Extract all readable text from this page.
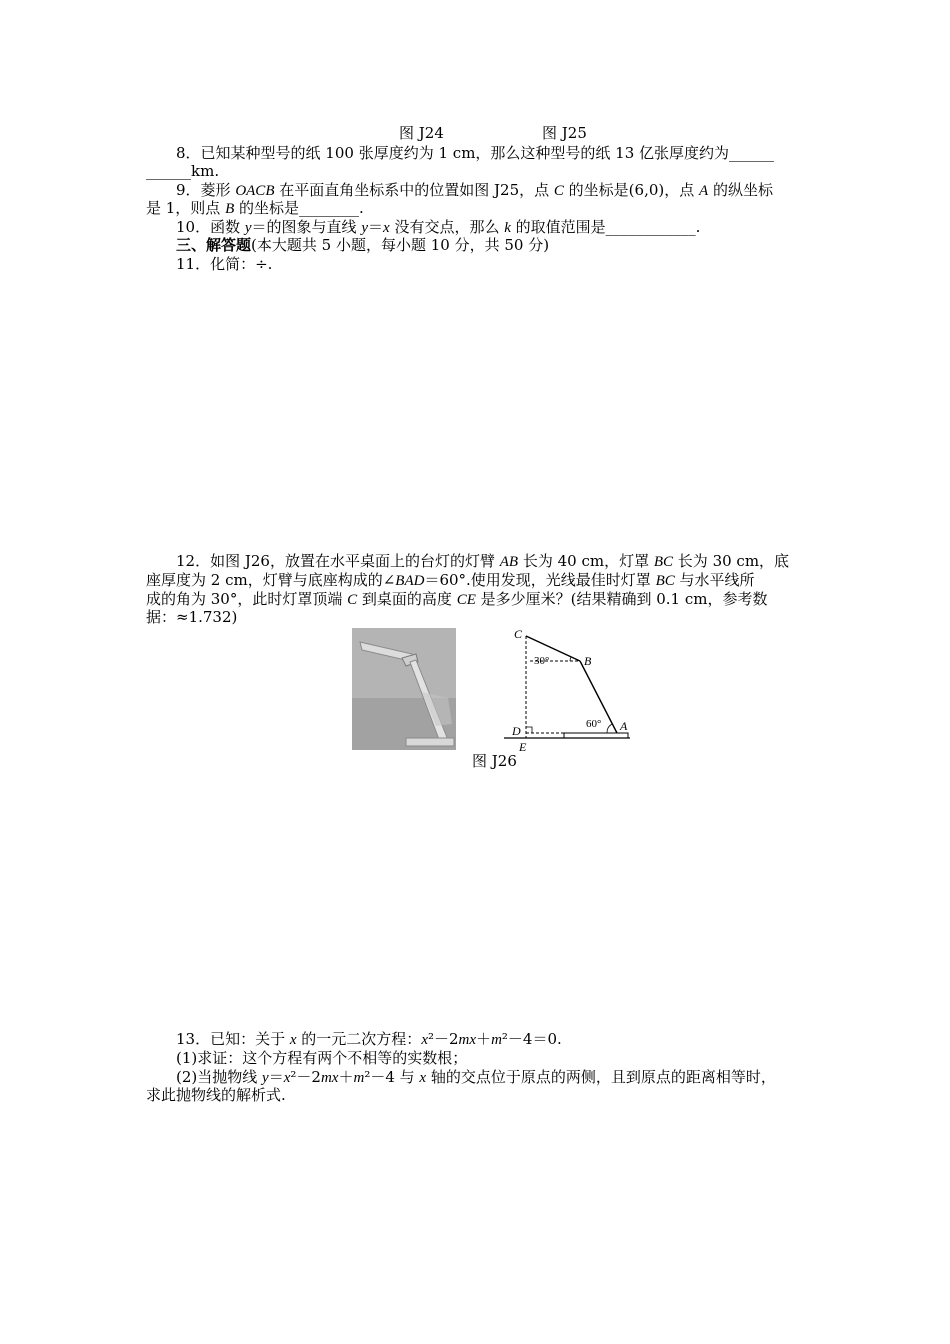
图 J24	图 J25
8．已知某种型号的纸 100 张厚度约为 1 cm，那么这种型号的纸 13 亿张厚度约为______
______km.
9．菱形 OACB 在平面直角坐标系中的位置如图 J25，点 C 的坐标是(6,0)，点 A 的纵坐标
是 1，则点 B 的坐标是________.
10．函数 y＝的图象与直线 y＝x 没有交点，那么 k 的取值范围是____________.
三、解答题(本大题共 5 小题，每小题 10 分，共 50 分)
11．化简：÷.
12．如图 J26，放置在水平桌面上的台灯的灯臂 AB 长为 40 cm，灯罩 BC 长为 30 cm，底
座厚度为 2 cm，灯臂与底座构成的∠BAD＝60°.使用发现，光线最佳时灯罩 BC 与水平线所
成的角为 30°，此时灯罩顶端 C 到桌面的高度 CE 是多少厘米？(结果精确到 0.1 cm，参考数
据：≈1.732)
C
B
A
D
E
30°
60°
图 J26
13．已知：关于 x 的一元二次方程：x²－2mx＋m²－4＝0.
(1)求证：这个方程有两个不相等的实数根；
(2)当抛物线 y＝x²－2mx＋m²－4 与 x 轴的交点位于原点的两侧，且到原点的距离相等时，
求此抛物线的解析式.
